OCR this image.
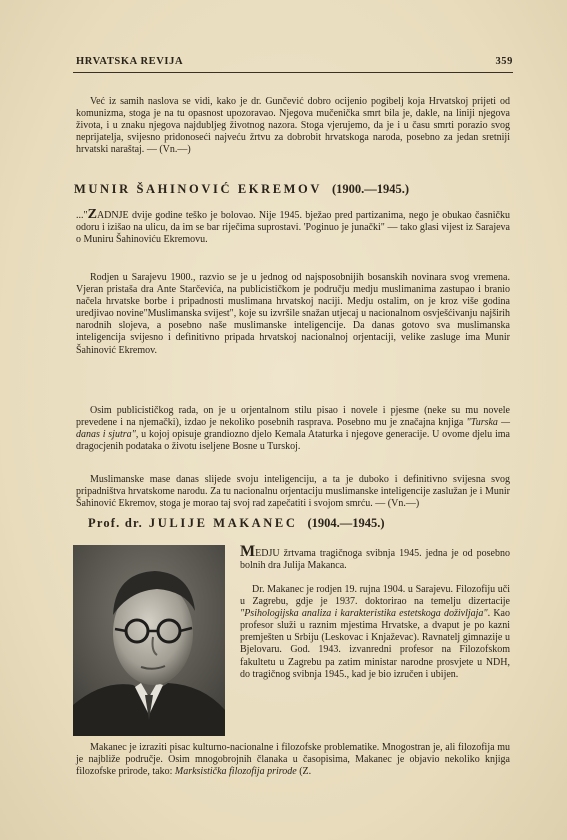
HRVATSKA REVIJA	359

Već iz samih naslova se vidi, kako je dr. Gunčević dobro ocijenio pogibelj koja Hrvatskoj prijeti od komunizma, stoga je na tu opasnost upozoravao. Njegova mučenička smrt bila je, dakle, na liniji njegova života, i u znaku njegova najdubljeg životnog nazora. Stoga vjerujemo, da je i u času smrti porazio svog neprijatelja, svijesno pridonoseći najveću žrtvu za dobrobit hrvatskoga naroda, posebno za jedan sretniji hrvatski naraštaj. — (Vn.—)

MUNIR ŠAHINOVIĆ EKREMOV (1900.—1945.)

..."ZADNJE dvije godine teško je bolovao. Nije 1945. bježao pred partizanima, nego je obukao časničku odoru i izišao na ulicu, da im se bar riječima suprostavi. 'Poginuo je junački" — tako glasi vijest iz Sarajeva o Muniru Šahinoviću Ekremovu.

Rodjen u Sarajevu 1900., razvio se je u jednog od najsposobnijih bosanskih novinara svog vremena. Vjeran pristaša dra Ante Starčevića, na publicističkom je području medju muslimanima zastupao i branio načela hrvatske borbe i pripadnosti muslimana hrvatskoj naciji. Medju ostalim, on je kroz više godina uredjivao novine"Muslimanska svijest", koje su izvršile snažan utjecaj u nacionalnom osvješćivanju najširih narodnih slojeva, a posebno naše muslimanske inteligencije. Da danas gotovo sva muslimanska inteligencija svijesno i definitivno pripada hrvatskoj nacionalnoj orjentaciji, velike zasluge ima Munir Šahinović Ekremov.

Osim publicističkog rada, on je u orjentalnom stilu pisao i novele i pjesme (neke su mu novele prevedene i na njemački), izdao je nekoliko posebnih rasprava. Posebno mu je značajna knjiga "Turska — danas i sjutra", u kojoj opisuje grandiozno djelo Kemala Ataturka i njegove generacije. U ovome djelu ima dragocjenih podataka o životu iseljene Bosne u Turskoj.

Muslimanske mase danas slijede svoju inteligenciju, a ta je duboko i definitivno svijesna svog pripadništva hrvatskome narodu. Za tu nacionalnu orjentaciju muslimanske inteligencije zaslužan je i Munir Šahinović Ekremov, stoga je morao taj svoj rad zapečatiti i svojom smrću. — (Vn.—)

Prof. dr. JULIJE MAKANEC (1904.—1945.)

MEDJU žrtvama tragičnoga svibnja 1945. jedna je od posebno bolnih dra Julija Makanca.

Dr. Makanec je rodjen 19. rujna 1904. u Sarajevu. Filozofiju uči u Zagrebu, gdje je 1937. doktorirao na temelju dizertacije "Psihologijska analiza i karakteristika estetskoga doživljaja". Kao profesor služi u raznim mjestima Hrvatske, a dvaput je po kazni premješten u Srbiju (Leskovac i Knjaževac). Ravnatelj gimnazije u Bjelovaru. God. 1943. izvanredni profesor na Filozofskom fakultetu u Zagrebu pa zatim ministar narodne prosvjete u NDH, do tragičnog svibnja 1945., kad je bio izručen i ubijen.

Makanec je izraziti pisac kulturno-nacionalne i filozofske problematike. Mnogostran je, ali filozofija mu je najbliže područje. Osim mnogobrojnih članaka u časopisima, Makanec je objavio nekoliko knjiga filozofske prirode, tako: Marksistička filozofija prirode (Z.
